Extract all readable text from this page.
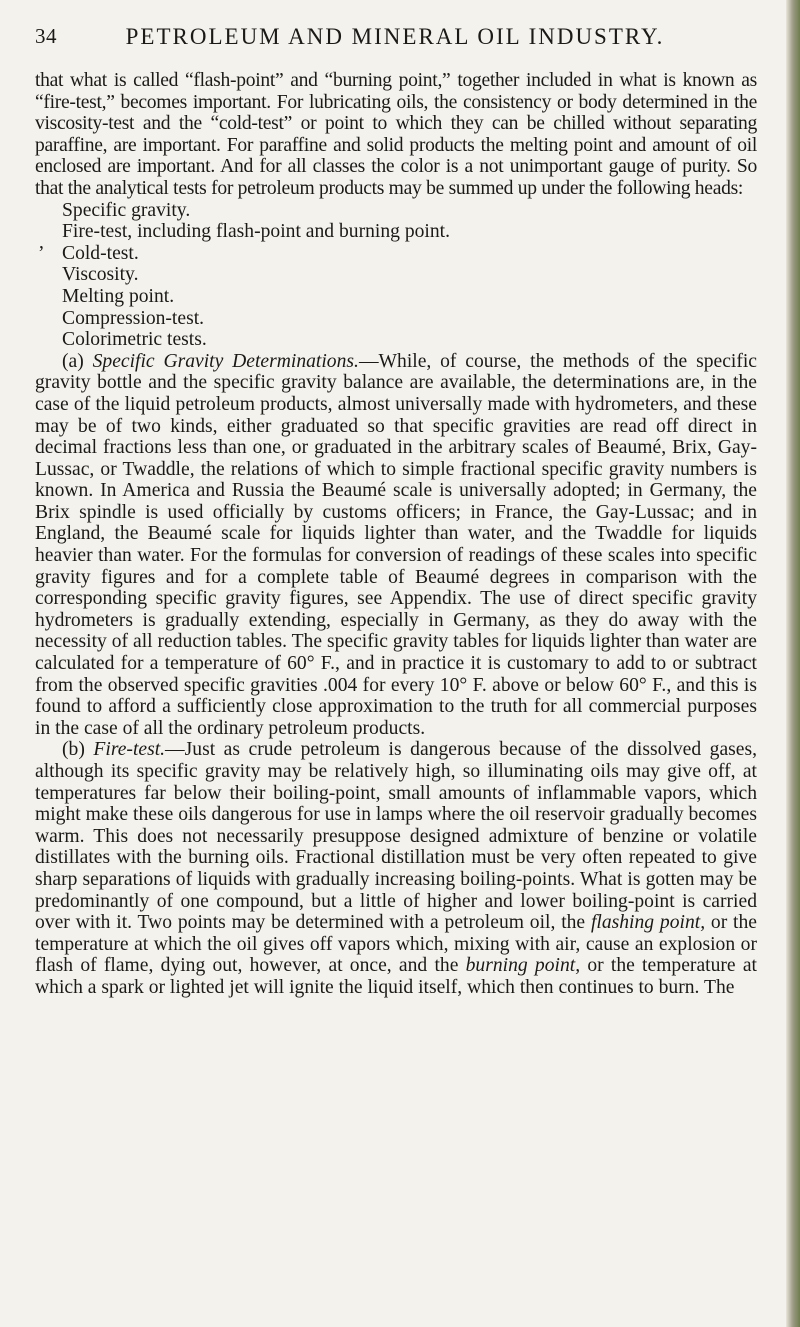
34	PETROLEUM AND MINERAL OIL INDUSTRY.

that what is called “flash-point” and “burning point,” together included in what is known as “fire-test,” becomes important. For lubricating oils, the consistency or body determined in the viscosity-test and the “cold-test” or point to which they can be chilled without separating paraffine, are important. For paraffine and solid products the melting point and amount of oil enclosed are important. And for all classes the color is a not unimportant gauge of purity. So that the analytical tests for petroleum products may be summed up under the following heads:

Specific gravity.
Fire-test, including flash-point and burning point.
’ Cold-test.
Viscosity.
Melting point.
Compression-test.
Colorimetric tests.

(a) Specific Gravity Determinations.—While, of course, the methods of the specific gravity bottle and the specific gravity balance are available, the determinations are, in the case of the liquid petroleum products, almost universally made with hydrometers, and these may be of two kinds, either graduated so that specific gravities are read off direct in decimal fractions less than one, or graduated in the arbitrary scales of Beaumé, Brix, Gay-Lussac, or Twaddle, the relations of which to simple fractional specific gravity numbers is known. In America and Russia the Beaumé scale is universally adopted; in Germany, the Brix spindle is used officially by customs officers; in France, the Gay-Lussac; and in England, the Beaumé scale for liquids lighter than water, and the Twaddle for liquids heavier than water. For the formulas for conversion of readings of these scales into specific gravity figures and for a complete table of Beaumé degrees in comparison with the corresponding specific gravity figures, see Appendix. The use of direct specific gravity hydrometers is gradually extending, especially in Germany, as they do away with the necessity of all reduction tables. The specific gravity tables for liquids lighter than water are calculated for a temperature of 60° F., and in practice it is customary to add to or subtract from the observed specific gravities .004 for every 10° F. above or below 60° F., and this is found to afford a sufficiently close approximation to the truth for all commercial purposes in the case of all the ordinary petroleum products.

(b) Fire-test.—Just as crude petroleum is dangerous because of the dissolved gases, although its specific gravity may be relatively high, so illuminating oils may give off, at temperatures far below their boiling-point, small amounts of inflammable vapors, which might make these oils dangerous for use in lamps where the oil reservoir gradually becomes warm. This does not necessarily presuppose designed admixture of benzine or volatile distillates with the burning oils. Fractional distillation must be very often repeated to give sharp separations of liquids with gradually increasing boiling-points. What is gotten may be predominantly of one compound, but a little of higher and lower boiling-point is carried over with it. Two points may be determined with a petroleum oil, the flashing point, or the temperature at which the oil gives off vapors which, mixing with air, cause an explosion or flash of flame, dying out, however, at once, and the burning point, or the temperature at which a spark or lighted jet will ignite the liquid itself, which then continues to burn. The
